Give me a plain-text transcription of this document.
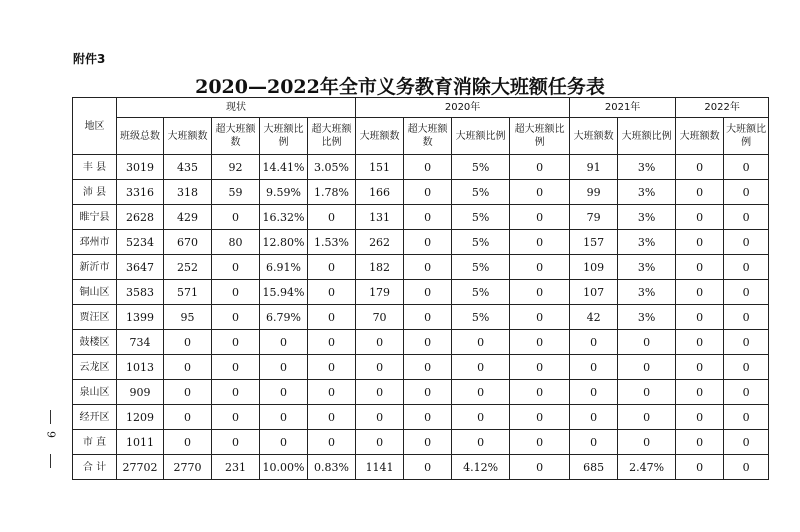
附件3
2020—2022年全市义务教育消除大班额任务表
9
地区	现状					2020年				2021年		2022年	
	班级总数	大班额数	超大班额数	大班额比例	超大班额比例	大班额数	超大班额数	大班额比例	超大班额比例	大班额数	大班额比例	大班额数	大班额比例
丰 县	3019	435	92	14.41%	3.05%	151	0	5%	0	91	3%	0	0
沛 县	3316	318	59	9.59%	1.78%	166	0	5%	0	99	3%	0	0
睢宁县	2628	429	0	16.32%	0	131	0	5%	0	79	3%	0	0
邳州市	5234	670	80	12.80%	1.53%	262	0	5%	0	157	3%	0	0
新沂市	3647	252	0	6.91%	0	182	0	5%	0	109	3%	0	0
铜山区	3583	571	0	15.94%	0	179	0	5%	0	107	3%	0	0
贾汪区	1399	95	0	6.79%	0	70	0	5%	0	42	3%	0	0
鼓楼区	734	0	0	0	0	0	0	0	0	0	0	0	0
云龙区	1013	0	0	0	0	0	0	0	0	0	0	0	0
泉山区	909	0	0	0	0	0	0	0	0	0	0	0	0
经开区	1209	0	0	0	0	0	0	0	0	0	0	0	0
市 直	1011	0	0	0	0	0	0	0	0	0	0	0	0
合 计	27702	2770	231	10.00%	0.83%	1141	0	4.12%	0	685	2.47%	0	0
